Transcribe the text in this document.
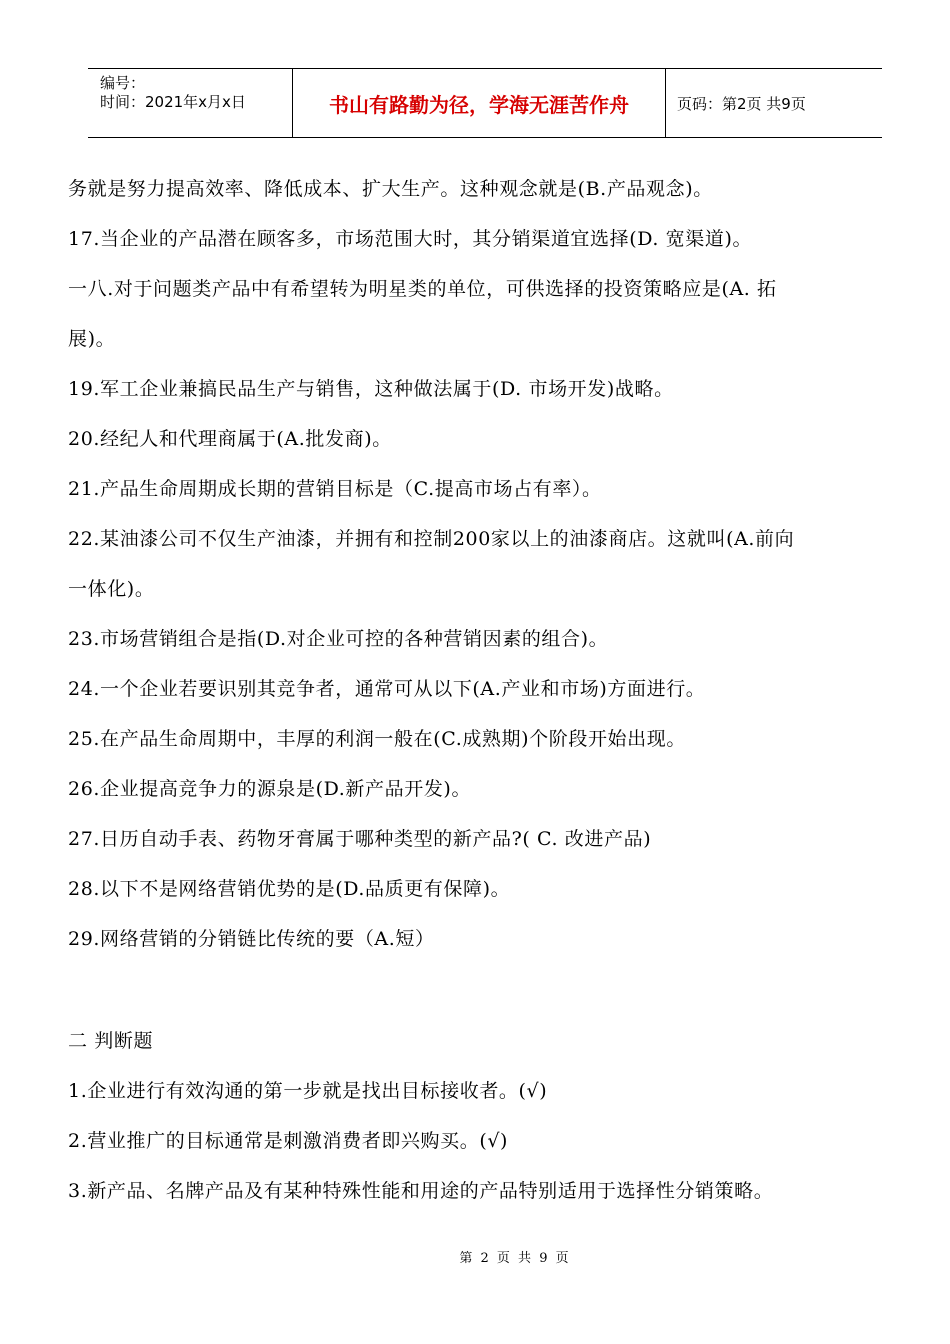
编号：
时间：2021年x月x日	书山有路勤为径，学海无涯苦作舟	页码：第2页 共9页
务就是努力提高效率、降低成本、扩大生产。这种观念就是(B.产品观念)。
17.当企业的产品潜在顾客多，市场范围大时，其分销渠道宜选择(D. 宽渠道)。
一八.对于问题类产品中有希望转为明星类的单位，可供选择的投资策略应是(A. 拓
展)。
19.军工企业兼搞民品生产与销售，这种做法属于(D. 市场开发)战略。
20.经纪人和代理商属于(A.批发商)。
21.产品生命周期成长期的营销目标是（C.提高市场占有率）。
22.某油漆公司不仅生产油漆，并拥有和控制200家以上的油漆商店。这就叫(A.前向
一体化)。
23.市场营销组合是指(D.对企业可控的各种营销因素的组合)。
24.一个企业若要识别其竞争者，通常可从以下(A.产业和市场)方面进行。
25.在产品生命周期中，丰厚的利润一般在(C.成熟期)个阶段开始出现。
26.企业提高竞争力的源泉是(D.新产品开发)。
27.日历自动手表、药物牙膏属于哪种类型的新产品?( C. 改进产品)
28.以下不是网络营销优势的是(D.品质更有保障)。
29.网络营销的分销链比传统的要（A.短）
二 判断题
1.企业进行有效沟通的第一步就是找出目标接收者。(√)
2.营业推广的目标通常是刺激消费者即兴购买。(√)
3.新产品、名牌产品及有某种特殊性能和用途的产品特别适用于选择性分销策略。
第 2 页 共 9 页
